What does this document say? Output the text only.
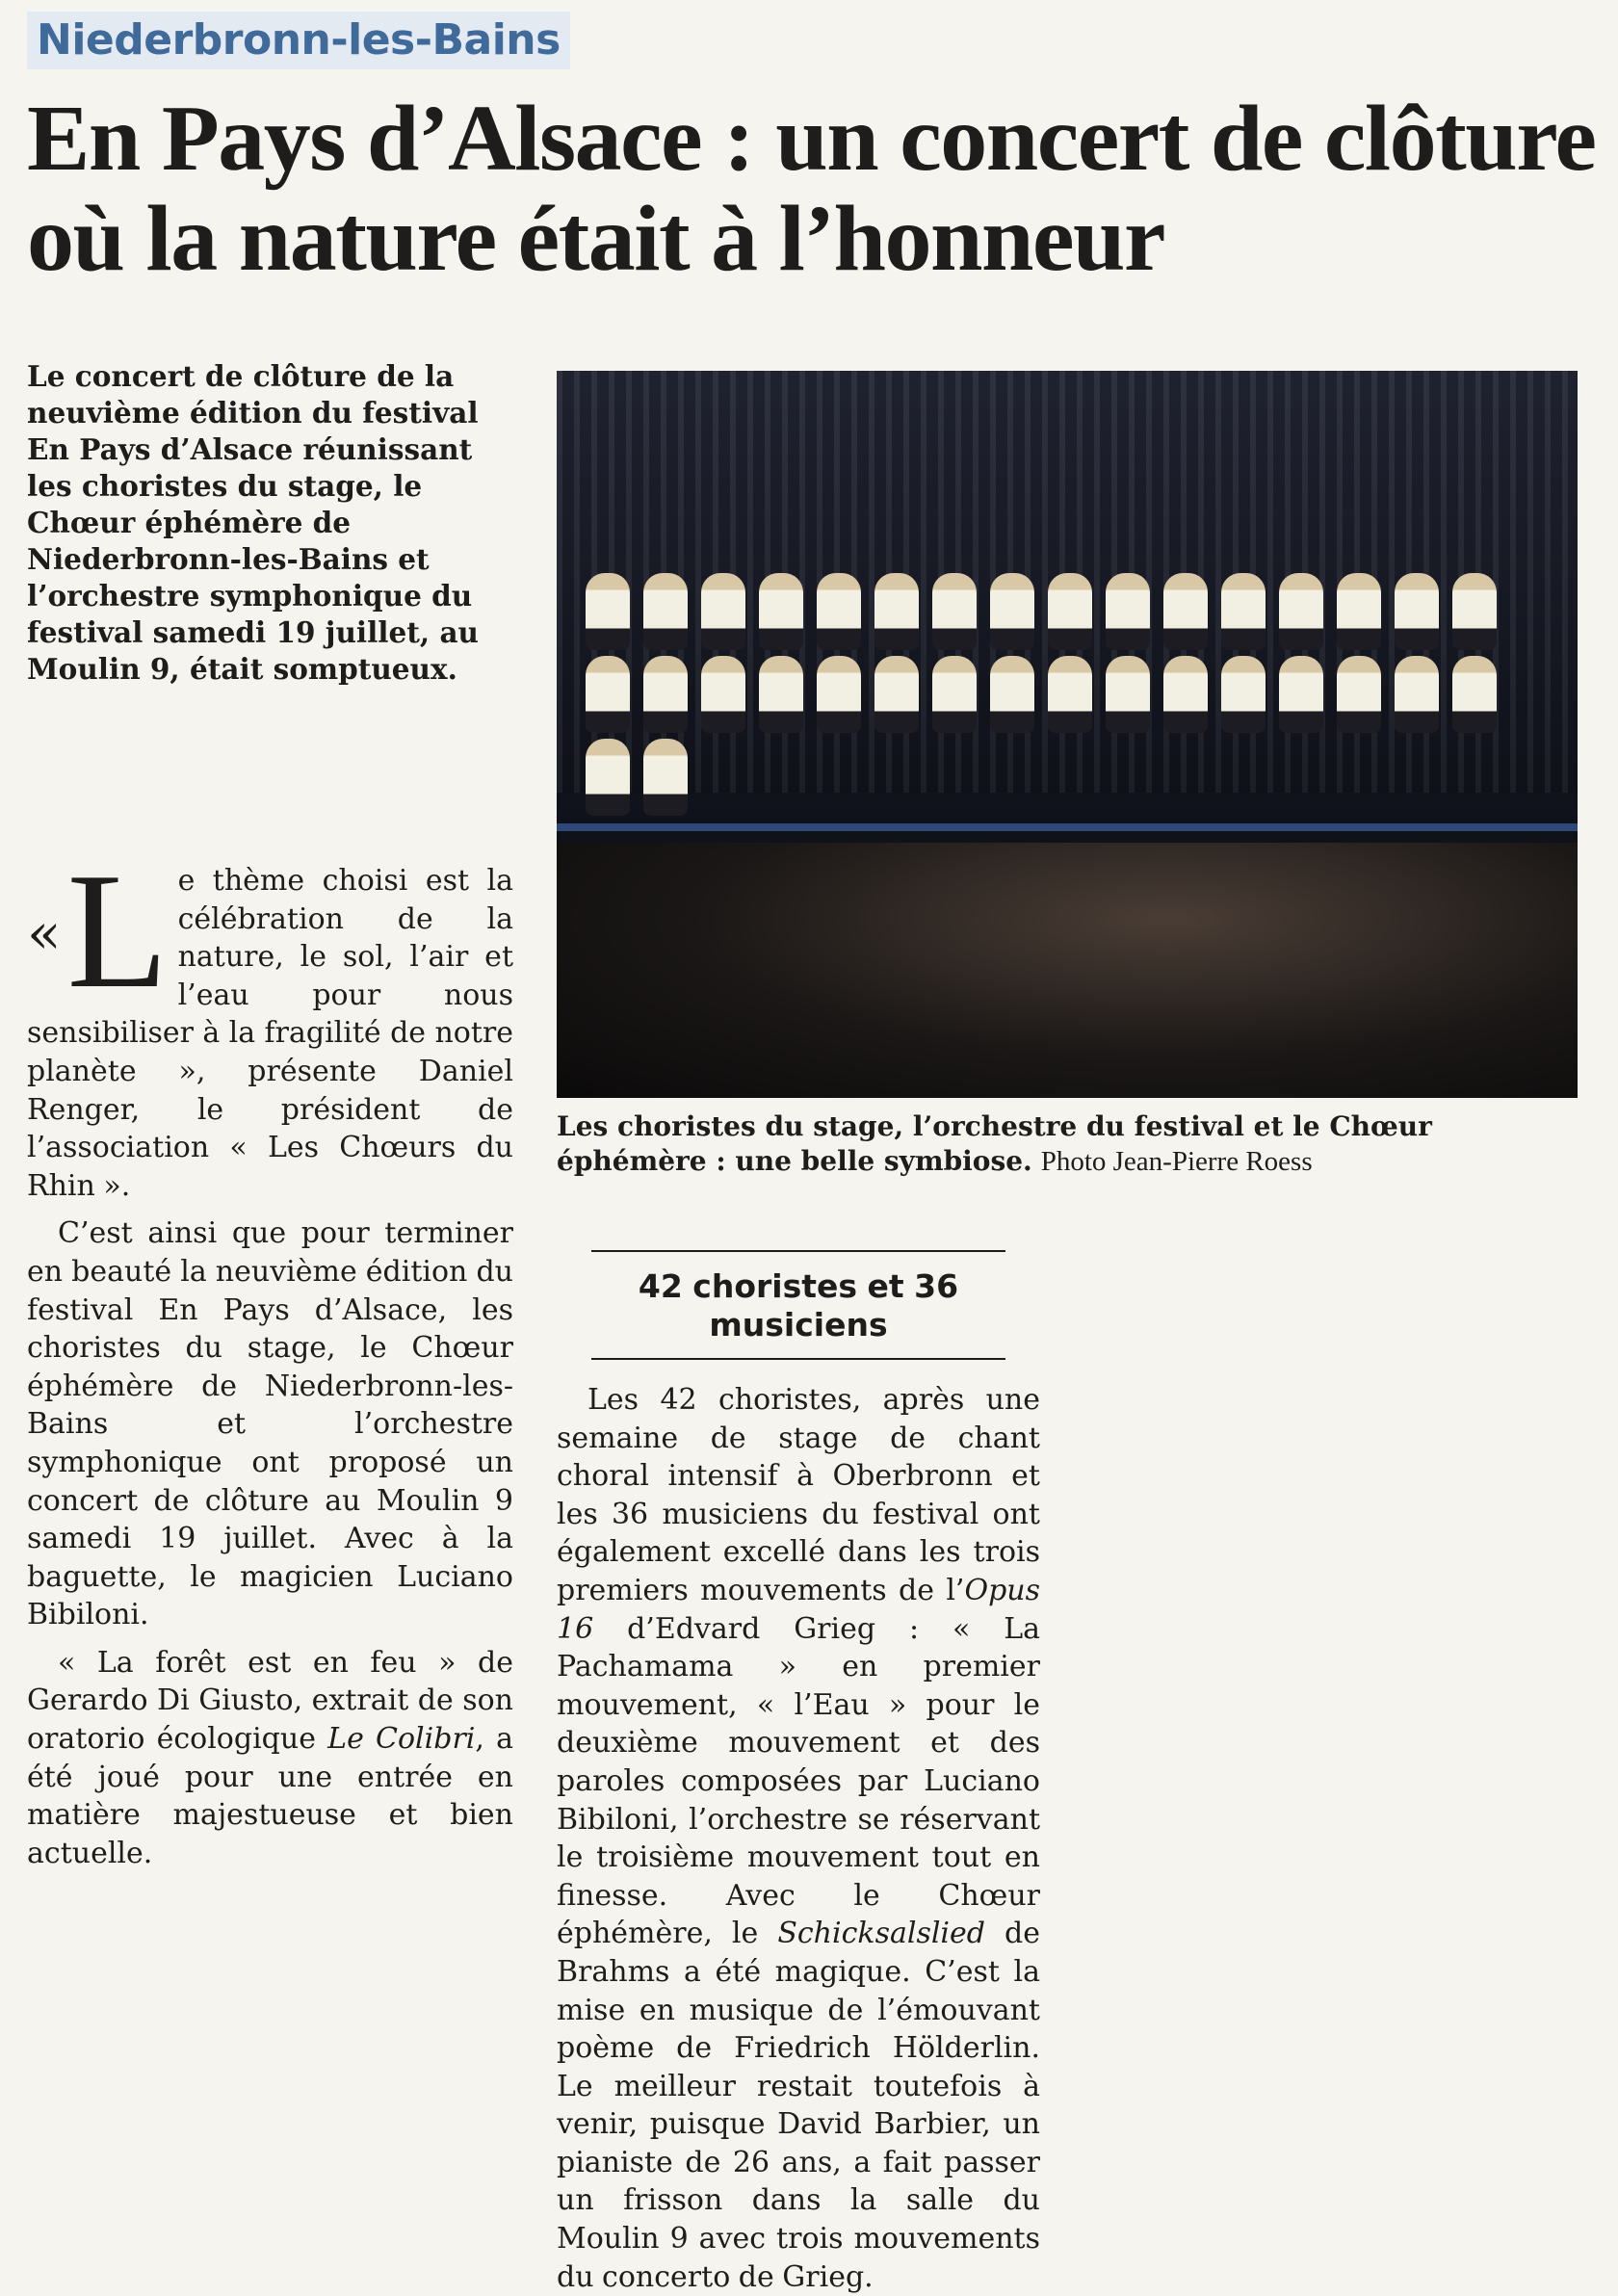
Niederbronn-les-Bains
En Pays d’Alsace : un concert de clôture où la nature était à l’honneur
Le concert de clôture de la neuvième édition du festival En Pays d’Alsace réunissant les choristes du stage, le Chœur éphémère de Niederbronn-les-Bains et l’orchestre symphonique du festival samedi 19 juillet, au Moulin 9, était somptueux.
Les choristes du stage, l’orchestre du festival et le Chœur éphémère : une belle symbiose. Photo Jean-Pierre Roess

« L e thème choisi est la célébration de la nature, le sol, l’air et l’eau pour nous sensibiliser à la fragilité de notre planète », présente Daniel Renger, le président de l’association « Les Chœurs du Rhin ».

C’est ainsi que pour terminer en beauté la neuvième édition du festival En Pays d’Alsace, les choristes du stage, le Chœur éphémère de Niederbronn-les-Bains et l’orchestre symphonique ont proposé un concert de clôture au Moulin 9 samedi 19 juillet. Avec à la baguette, le magicien Luciano Bibiloni.

« La forêt est en feu » de Gerardo Di Giusto, extrait de son oratorio écologique Le Colibri, a été joué pour une entrée en matière majestueuse et bien actuelle.

42 choristes et 36 musiciens

Les 42 choristes, après une semaine de stage de chant choral intensif à Oberbronn et les 36 musiciens du festival ont également excellé dans les trois premiers mouvements de l’Opus 16 d’Edvard Grieg : « La Pachamama » en premier mouvement, « l’Eau » pour le deuxième mouvement et des paroles composées par Luciano Bibiloni, l’orchestre se réservant le troisième mouvement tout en finesse. Avec le Chœur éphémère, le Schicksalslied de Brahms a été magique. C’est la mise en musique de l’émouvant poème de Friedrich Hölderlin. Le meilleur restait toutefois à venir, puisque David Barbier, un pianiste de 26 ans, a fait passer un frisson dans la salle du Moulin 9 avec trois mouvements du concerto de Grieg.
